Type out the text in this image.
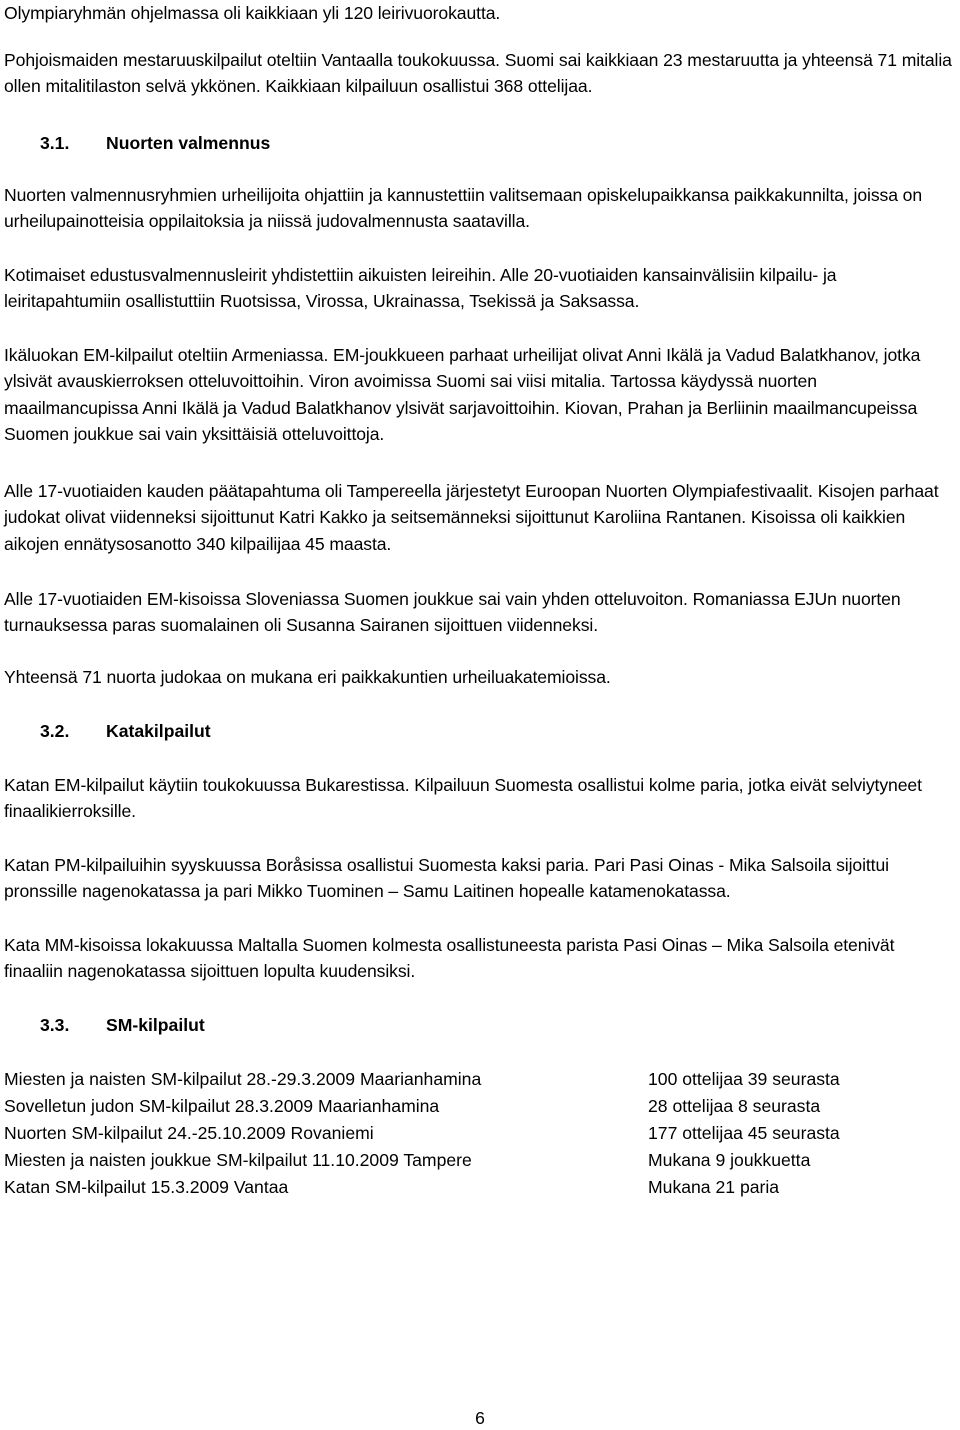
Olympiaryhmän ohjelmassa oli kaikkiaan yli 120 leirivuorokautta.

Pohjoismaiden mestaruuskilpailut oteltiin Vantaalla toukokuussa. Suomi sai kaikkiaan 23 mestaruutta ja yhteensä 71 mitalia ollen mitalitilaston selvä ykkönen. Kaikkiaan kilpailuun osallistui 368 ottelijaa.

3.1. Nuorten valmennus

Nuorten valmennusryhmien urheilijoita ohjattiin ja kannustettiin valitsemaan opiskelupaikkansa paikkakunnilta, joissa on urheilupainotteisia oppilaitoksia ja niissä judovalmennusta saatavilla.

Kotimaiset edustusvalmennusleirit yhdistettiin aikuisten leireihin. Alle 20-vuotiaiden kansainvälisiin kilpailu- ja leiritapahtumiin osallistuttiin Ruotsissa, Virossa, Ukrainassa, Tsekissä ja Saksassa.

Ikäluokan EM-kilpailut oteltiin Armeniassa. EM-joukkueen parhaat urheilijat olivat Anni Ikälä ja Vadud Balatkhanov, jotka ylsivät avauskierroksen otteluvoittoihin. Viron avoimissa Suomi sai viisi mitalia. Tartossa käydyssä nuorten maailmancupissa Anni Ikälä ja Vadud Balatkhanov ylsivät sarjavoittoihin. Kiovan, Prahan ja Berliinin maailmancupeissa Suomen joukkue sai vain yksittäisiä otteluvoittoja.

Alle 17-vuotiaiden kauden päätapahtuma oli Tampereella järjestetyt Euroopan Nuorten Olympiafestivaalit. Kisojen parhaat judokat olivat viidenneksi sijoittunut Katri Kakko ja seitsemänneksi sijoittunut Karoliina Rantanen. Kisoissa oli kaikkien aikojen ennätysosanotto 340 kilpailijaa 45 maasta.

Alle 17-vuotiaiden EM-kisoissa Sloveniassa Suomen joukkue sai vain yhden otteluvoiton. Romaniassa EJUn nuorten turnauksessa paras suomalainen oli Susanna Sairanen sijoittuen viidenneksi.

Yhteensä 71 nuorta judokaa on mukana eri paikkakuntien urheiluakatemioissa.

3.2. Katakilpailut

Katan EM-kilpailut käytiin toukokuussa Bukarestissa. Kilpailuun Suomesta osallistui kolme paria, jotka eivät selviytyneet finaalikierroksille.

Katan PM-kilpailuihin syyskuussa Boråsissa osallistui Suomesta kaksi paria. Pari Pasi Oinas - Mika Salsoila sijoittui pronssille nagenokatassa ja pari Mikko Tuominen – Samu Laitinen hopealle katamenokatassa.

Kata MM-kisoissa lokakuussa Maltalla Suomen kolmesta osallistuneesta parista Pasi Oinas – Mika Salsoila etenivät finaaliin nagenokatassa sijoittuen lopulta kuudensiksi.

3.3. SM-kilpailut
Miesten ja naisten SM-kilpailut 28.-29.3.2009 Maarianhamina	100 ottelijaa 39 seurasta
Sovelletun judon SM-kilpailut 28.3.2009 Maarianhamina	28 ottelijaa 8 seurasta
Nuorten SM-kilpailut 24.-25.10.2009 Rovaniemi	177 ottelijaa 45 seurasta
Miesten ja naisten joukkue SM-kilpailut 11.10.2009 Tampere	Mukana 9 joukkuetta
Katan SM-kilpailut 15.3.2009 Vantaa	Mukana 21 paria
6
